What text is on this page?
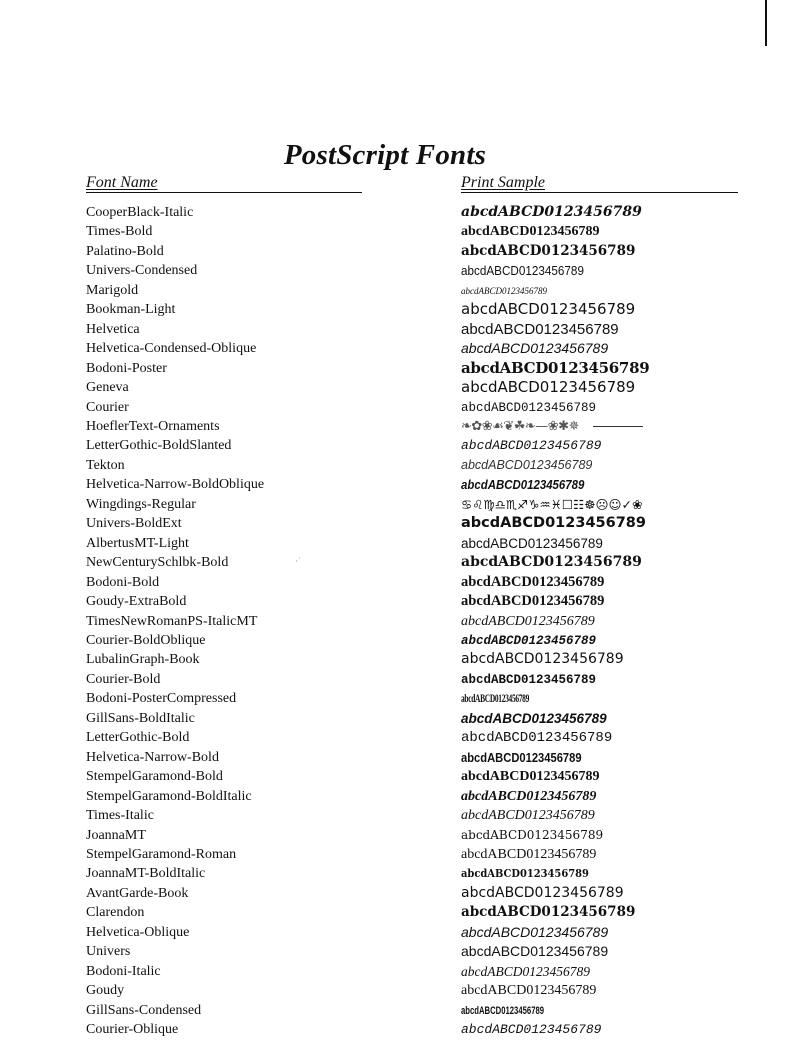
·˙
PostScript Fonts
Font Name	Print Sample
CooperBlack-Italic
Times-Bold
Palatino-Bold
Univers-Condensed
Marigold
Bookman-Light
Helvetica
Helvetica-Condensed-Oblique
Bodoni-Poster
Geneva
Courier
HoeflerText-Ornaments
LetterGothic-BoldSlanted
Tekton
Helvetica-Narrow-BoldOblique
Wingdings-Regular
Univers-BoldExt
AlbertusMT-Light
NewCenturySchlbk-Bold
Bodoni-Bold
Goudy-ExtraBold
TimesNewRomanPS-ItalicMT
Courier-BoldOblique
LubalinGraph-Book
Courier-Bold
Bodoni-PosterCompressed
GillSans-BoldItalic
LetterGothic-Bold
Helvetica-Narrow-Bold
StempelGaramond-Bold
StempelGaramond-BoldItalic
Times-Italic
JoannaMT
StempelGaramond-Roman
JoannaMT-BoldItalic
AvantGarde-Book
Clarendon
Helvetica-Oblique
Univers
Bodoni-Italic
Goudy
GillSans-Condensed
Courier-Oblique
abcdABCD0123456789
abcdABCD0123456789
abcdABCD0123456789
abcdABCD0123456789
abcdABCD0123456789
abcdABCD0123456789
abcdABCD0123456789
abcdABCD0123456789
abcdABCD0123456789
abcdABCD0123456789
abcdABCD0123456789
❧✿❀☙❦☘❧—❀✱✵
abcdABCD0123456789
abcdABCD0123456789
abcdABCD0123456789
♋♌♍♎♏♐♑♒♓☐☷☸☹☺✓❀
abcdABCD0123456789
abcdABCD0123456789
abcdABCD0123456789
abcdABCD0123456789
abcdABCD0123456789
abcdABCD0123456789
abcdABCD0123456789
abcdABCD0123456789
abcdABCD0123456789
abcdABCD0123456789
abcdABCD0123456789
abcdABCD0123456789
abcdABCD0123456789
abcdABCD0123456789
abcdABCD0123456789
abcdABCD0123456789
abcdABCD0123456789
abcdABCD0123456789
abcdABCD0123456789
abcdABCD0123456789
abcdABCD0123456789
abcdABCD0123456789
abcdABCD0123456789
abcdABCD0123456789
abcdABCD0123456789
abcdABCD0123456789
abcdABCD0123456789
